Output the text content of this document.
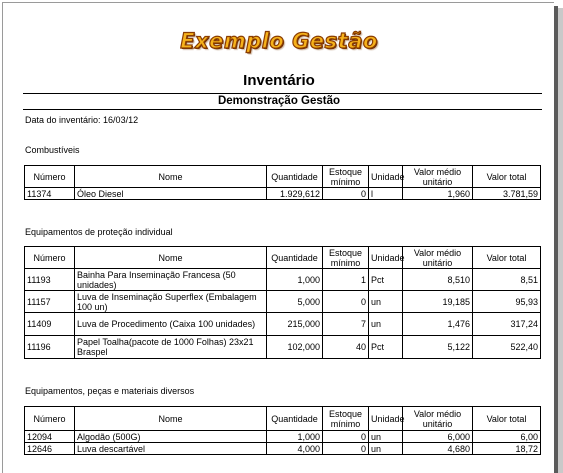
Exemplo Gestão
Inventário
Demonstração Gestão
Data do inventário: 16/03/12
Combustíveis
Número	Nome	Quantidade	Estoque mínimo	Unidade	Valor médio unitário	Valor total
11374	Óleo Diesel	1.929,612	0	l	1,960	3.781,59
Equipamentos de proteção individual
Número	Nome	Quantidade	Estoque mínimo	Unidade	Valor médio unitário	Valor total
11193	Bainha Para Inseminação Francesa (50 unidades)	1,000	1	Pct	8,510	8,51
11157	Luva de Inseminação Superflex (Embalagem 100 un)	5,000	0	un	19,185	95,93
11409	Luva de Procedimento (Caixa 100 unidades)	215,000	7	un	1,476	317,24
11196	Papel Toalha(pacote de 1000 Folhas) 23x21 Braspel	102,000	40	Pct	5,122	522,40
Equipamentos, peças e materiais diversos
Número	Nome	Quantidade	Estoque mínimo	Unidade	Valor médio unitário	Valor total
12094	Algodão (500G)	1,000	0	un	6,000	6,00
12646	Luva descartável	4,000	0	un	4,680	18,72
